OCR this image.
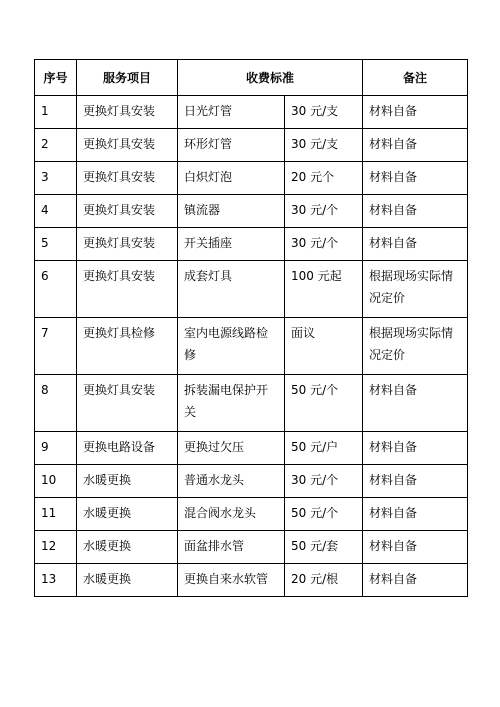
序号	服务项目	收费标准		备注
1	更换灯具安装	日光灯管	30 元/支	材料自备
2	更换灯具安装	环形灯管	30 元/支	材料自备
3	更换灯具安装	白炽灯泡	20 元个	材料自备
4	更换灯具安装	镇流器	30 元/个	材料自备
5	更换灯具安装	开关插座	30 元/个	材料自备
6	更换灯具安装	成套灯具	100 元起	根据现场实际情况定价
7	更换灯具检修	室内电源线路检修	面议	根据现场实际情况定价
8	更换灯具安装	拆装漏电保护开关	50 元/个	材料自备
9	更换电路设备	更换过欠压	50 元/户	材料自备
10	水暖更换	普通水龙头	30 元/个	材料自备
11	水暖更换	混合阀水龙头	50 元/个	材料自备
12	水暖更换	面盆排水管	50 元/套	材料自备
13	水暖更换	更换自来水软管	20 元/根	材料自备
